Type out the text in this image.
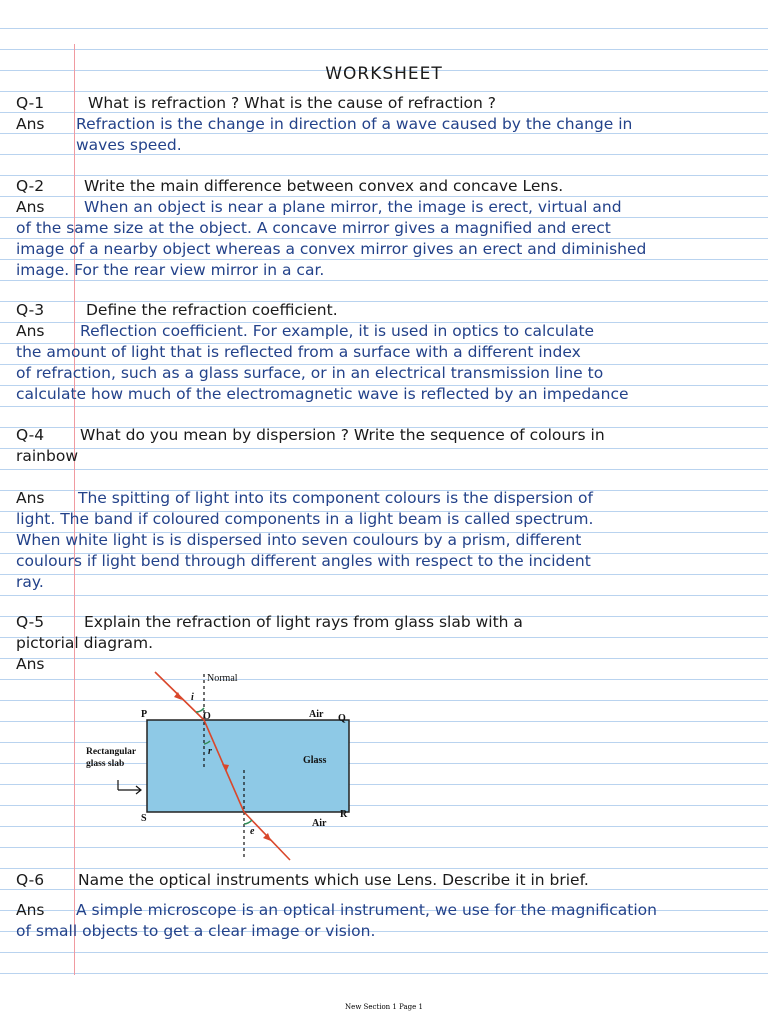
WORKSHEET
Q-1	What is refraction ? What is the cause of refraction ?
Ans Refraction is the change in direction of a wave caused by the change in
waves speed.
Q-2	Write the main difference between convex and concave Lens.
Ans	When an object is near a plane mirror, the image is erect, virtual and
of the same size at the object. A concave mirror gives a magnified and erect
image of a nearby object whereas a convex mirror gives an erect and diminished
image. For the rear view mirror in a car.
Q-3	Define the refraction coefficient.
Ans Reflection coefficient. For example, it is used in optics to calculate
the amount of light that is reflected from a surface with a different index
of refraction, such as a glass surface, or in an electrical transmission line to
calculate how much of the electromagnetic wave is reflected by an impedance
Q-4 What do you mean by dispersion ? Write the sequence of colours in
rainbow
Ans The spitting of light into its component colours is the dispersion of
light. The band if coloured components in a light beam is called spectrum.
When white light is is dispersed into seven coulours by a prism, different
coulours if light bend through different angles with respect to the incident
ray.
Q-5	Explain the refraction of light rays from glass slab with a
pictorial diagram.
Ans
Normal
P	O	Air Q
i
r
Glass
Rectangular
glass slab
S	R
Air
e
Q-6 Name the optical instruments which use Lens. Describe it in brief.
Ans A simple microscope is an optical instrument, we use for the magnification
of small objects to get a clear image or vision.
New Section 1 Page 1
